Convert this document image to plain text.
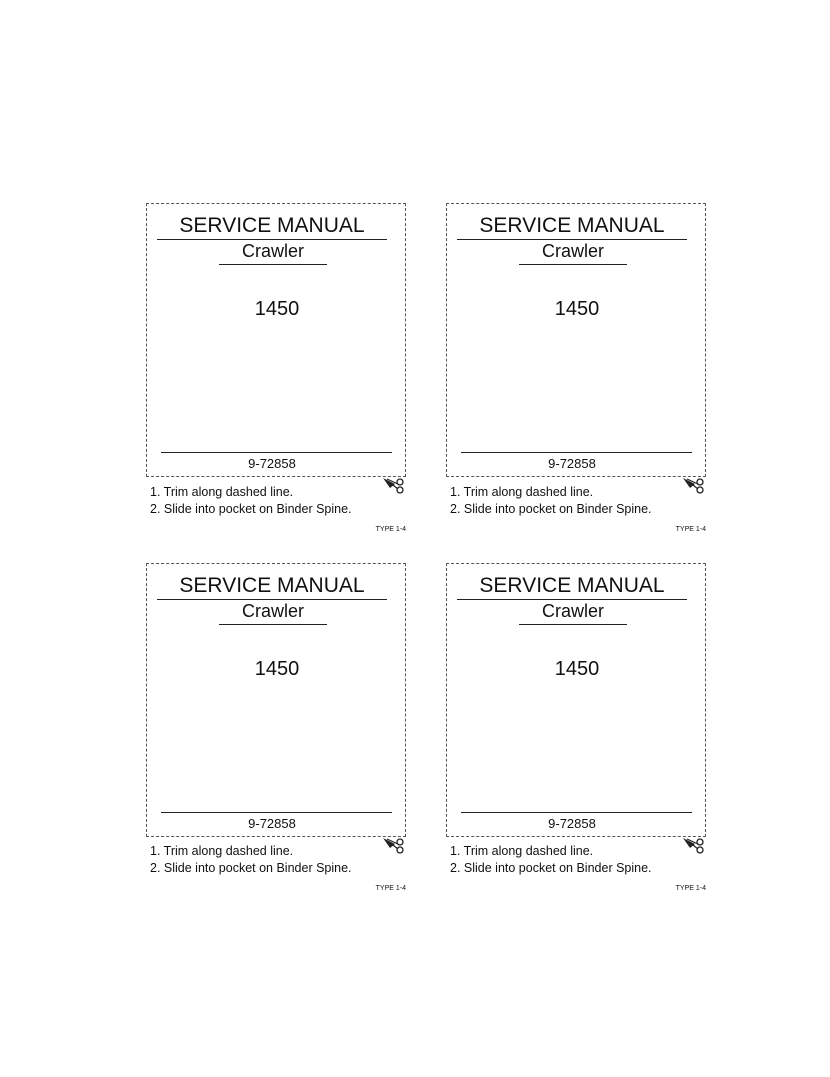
SERVICE MANUAL
Crawler
1450
9-72858
1. Trim along dashed line.
2. Slide into pocket on Binder Spine.
TYPE 1-4
SERVICE MANUAL
Crawler
1450
9-72858
1. Trim along dashed line.
2. Slide into pocket on Binder Spine.
TYPE 1-4
SERVICE MANUAL
Crawler
1450
9-72858
1. Trim along dashed line.
2. Slide into pocket on Binder Spine.
TYPE 1-4
SERVICE MANUAL
Crawler
1450
9-72858
1. Trim along dashed line.
2. Slide into pocket on Binder Spine.
TYPE 1-4
